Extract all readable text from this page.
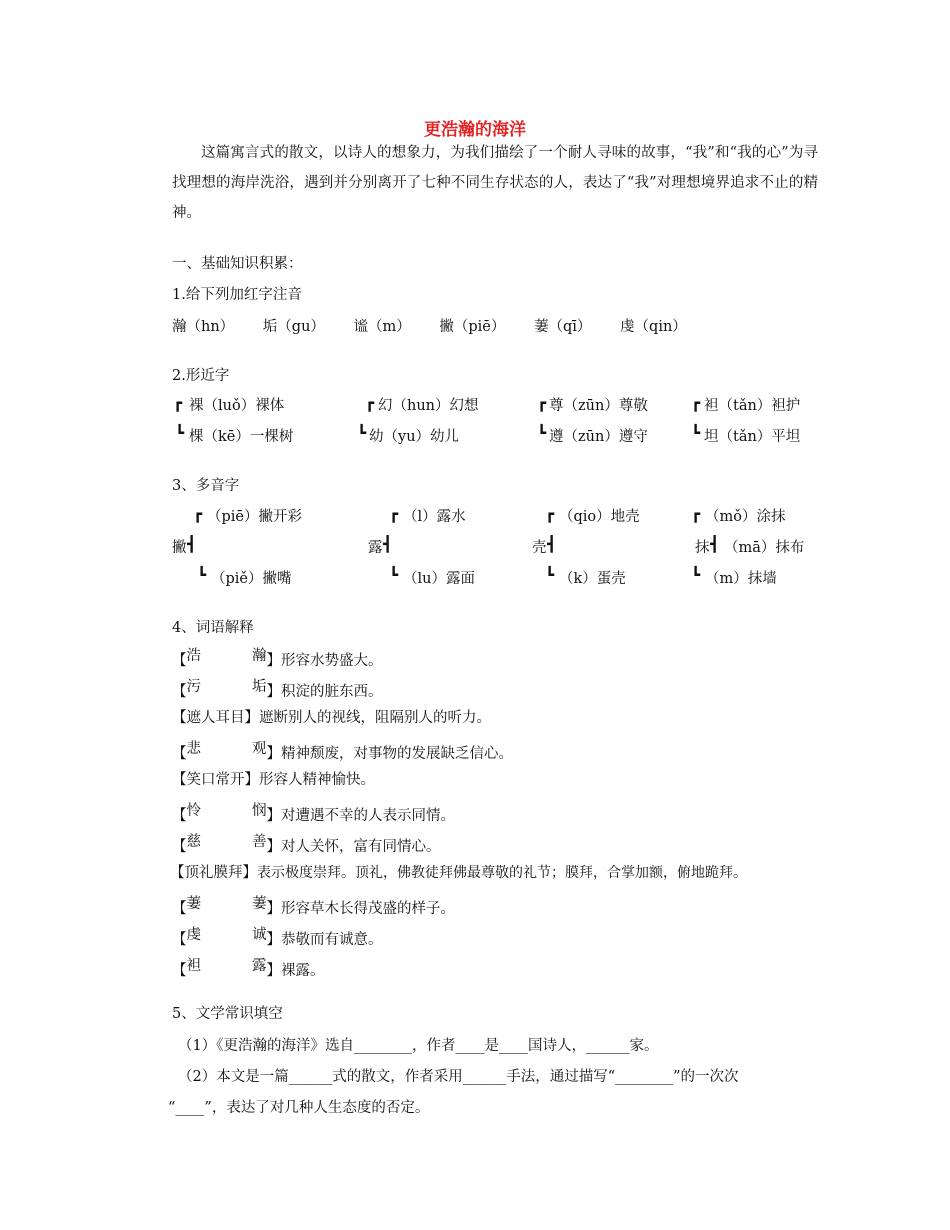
更浩瀚的海洋
这篇寓言式的散文，以诗人的想象力，为我们描绘了一个耐人寻味的故事，“我”和“我的心”为寻找理想的海岸洗浴，遇到并分别离开了七种不同生存状态的人，表达了“我”对理想境界追求不止的精神。
一、基础知识积累：
1.给下列加红字注音
瀚（hn） 垢（gu） 谧（m） 撇（piē） 萋（qī） 虔（qin）
2.形近字
┏ 裸（luǒ）裸体
┗ 棵（kē）一棵树
┏ 幻（hun）幻想
┗ 幼（yu）幼儿
┏ 尊（zūn）尊敬
┗ 遵（zūn）遵守
┏ 袒（tǎn）袒护
┗ 坦（tǎn）平坦
3、多音字
┏ （piē）撇开彩
撇 ┫
┗ （piě）撇嘴
┏ （l）露水
露 ┫
┗ （lu）露面
┏ （qio）地壳
壳 ┫
┗ （k）蛋壳
┏ （mǒ）涂抹
抹 ┫ （mā）抹布
┗ （m）抹墙
4、词语解释
【 浩	瀚 】形容水势盛大。
【 污	垢 】积淀的脏东西。
【遮人耳目】遮断别人的视线，阻隔别人的听力。
【 悲	观 】精神颓废，对事物的发展缺乏信心。
【笑口常开】形容人精神愉快。
【 怜	悯 】对遭遇不幸的人表示同情。
【 慈	善 】对人关怀，富有同情心。
【顶礼膜拜】表示极度崇拜。顶礼，佛教徒拜佛最尊敬的礼节；膜拜，合掌加额，俯地跪拜。
【 萋	萋 】形容草木长得茂盛的样子。
【 虔	诚 】恭敬而有诚意。
【 袒	露 】裸露。
5、文学常识填空
（1）《更浩瀚的海洋》选自________，作者____是____国诗人，______家。
（2）本文是一篇______式的散文，作者采用______手法，通过描写“________”的一次次
“____”，表达了对几种人生态度的否定。
